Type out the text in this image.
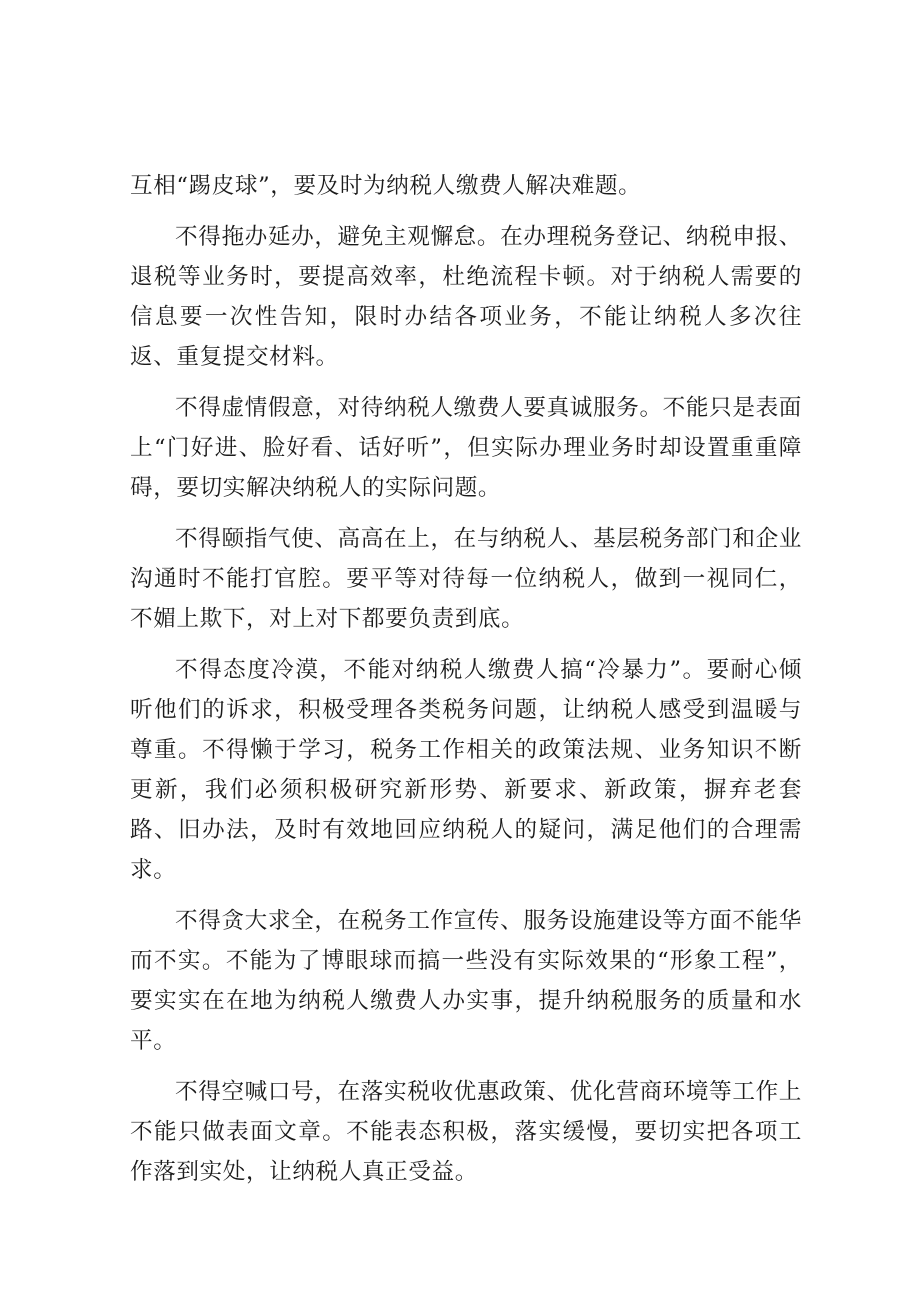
互相“踢皮球”，要及时为纳税人缴费人解决难题。

不得拖办延办，避免主观懈怠。在办理税务登记、纳税申报、退税等业务时，要提高效率，杜绝流程卡顿。对于纳税人需要的信息要一次性告知，限时办结各项业务，不能让纳税人多次往返、重复提交材料。

不得虚情假意，对待纳税人缴费人要真诚服务。不能只是表面上“门好进、脸好看、话好听”，但实际办理业务时却设置重重障碍，要切实解决纳税人的实际问题。

不得颐指气使、高高在上，在与纳税人、基层税务部门和企业沟通时不能打官腔。要平等对待每一位纳税人，做到一视同仁，不媚上欺下，对上对下都要负责到底。

不得态度冷漠，不能对纳税人缴费人搞“冷暴力”。要耐心倾听他们的诉求，积极受理各类税务问题，让纳税人感受到温暖与尊重。不得懒于学习，税务工作相关的政策法规、业务知识不断更新，我们必须积极研究新形势、新要求、新政策，摒弃老套路、旧办法，及时有效地回应纳税人的疑问，满足他们的合理需求。

不得贪大求全，在税务工作宣传、服务设施建设等方面不能华而不实。不能为了博眼球而搞一些没有实际效果的“形象工程”，要实实在在地为纳税人缴费人办实事，提升纳税服务的质量和水平。

不得空喊口号，在落实税收优惠政策、优化营商环境等工作上不能只做表面文章。不能表态积极，落实缓慢，要切实把各项工作落到实处，让纳税人真正受益。
